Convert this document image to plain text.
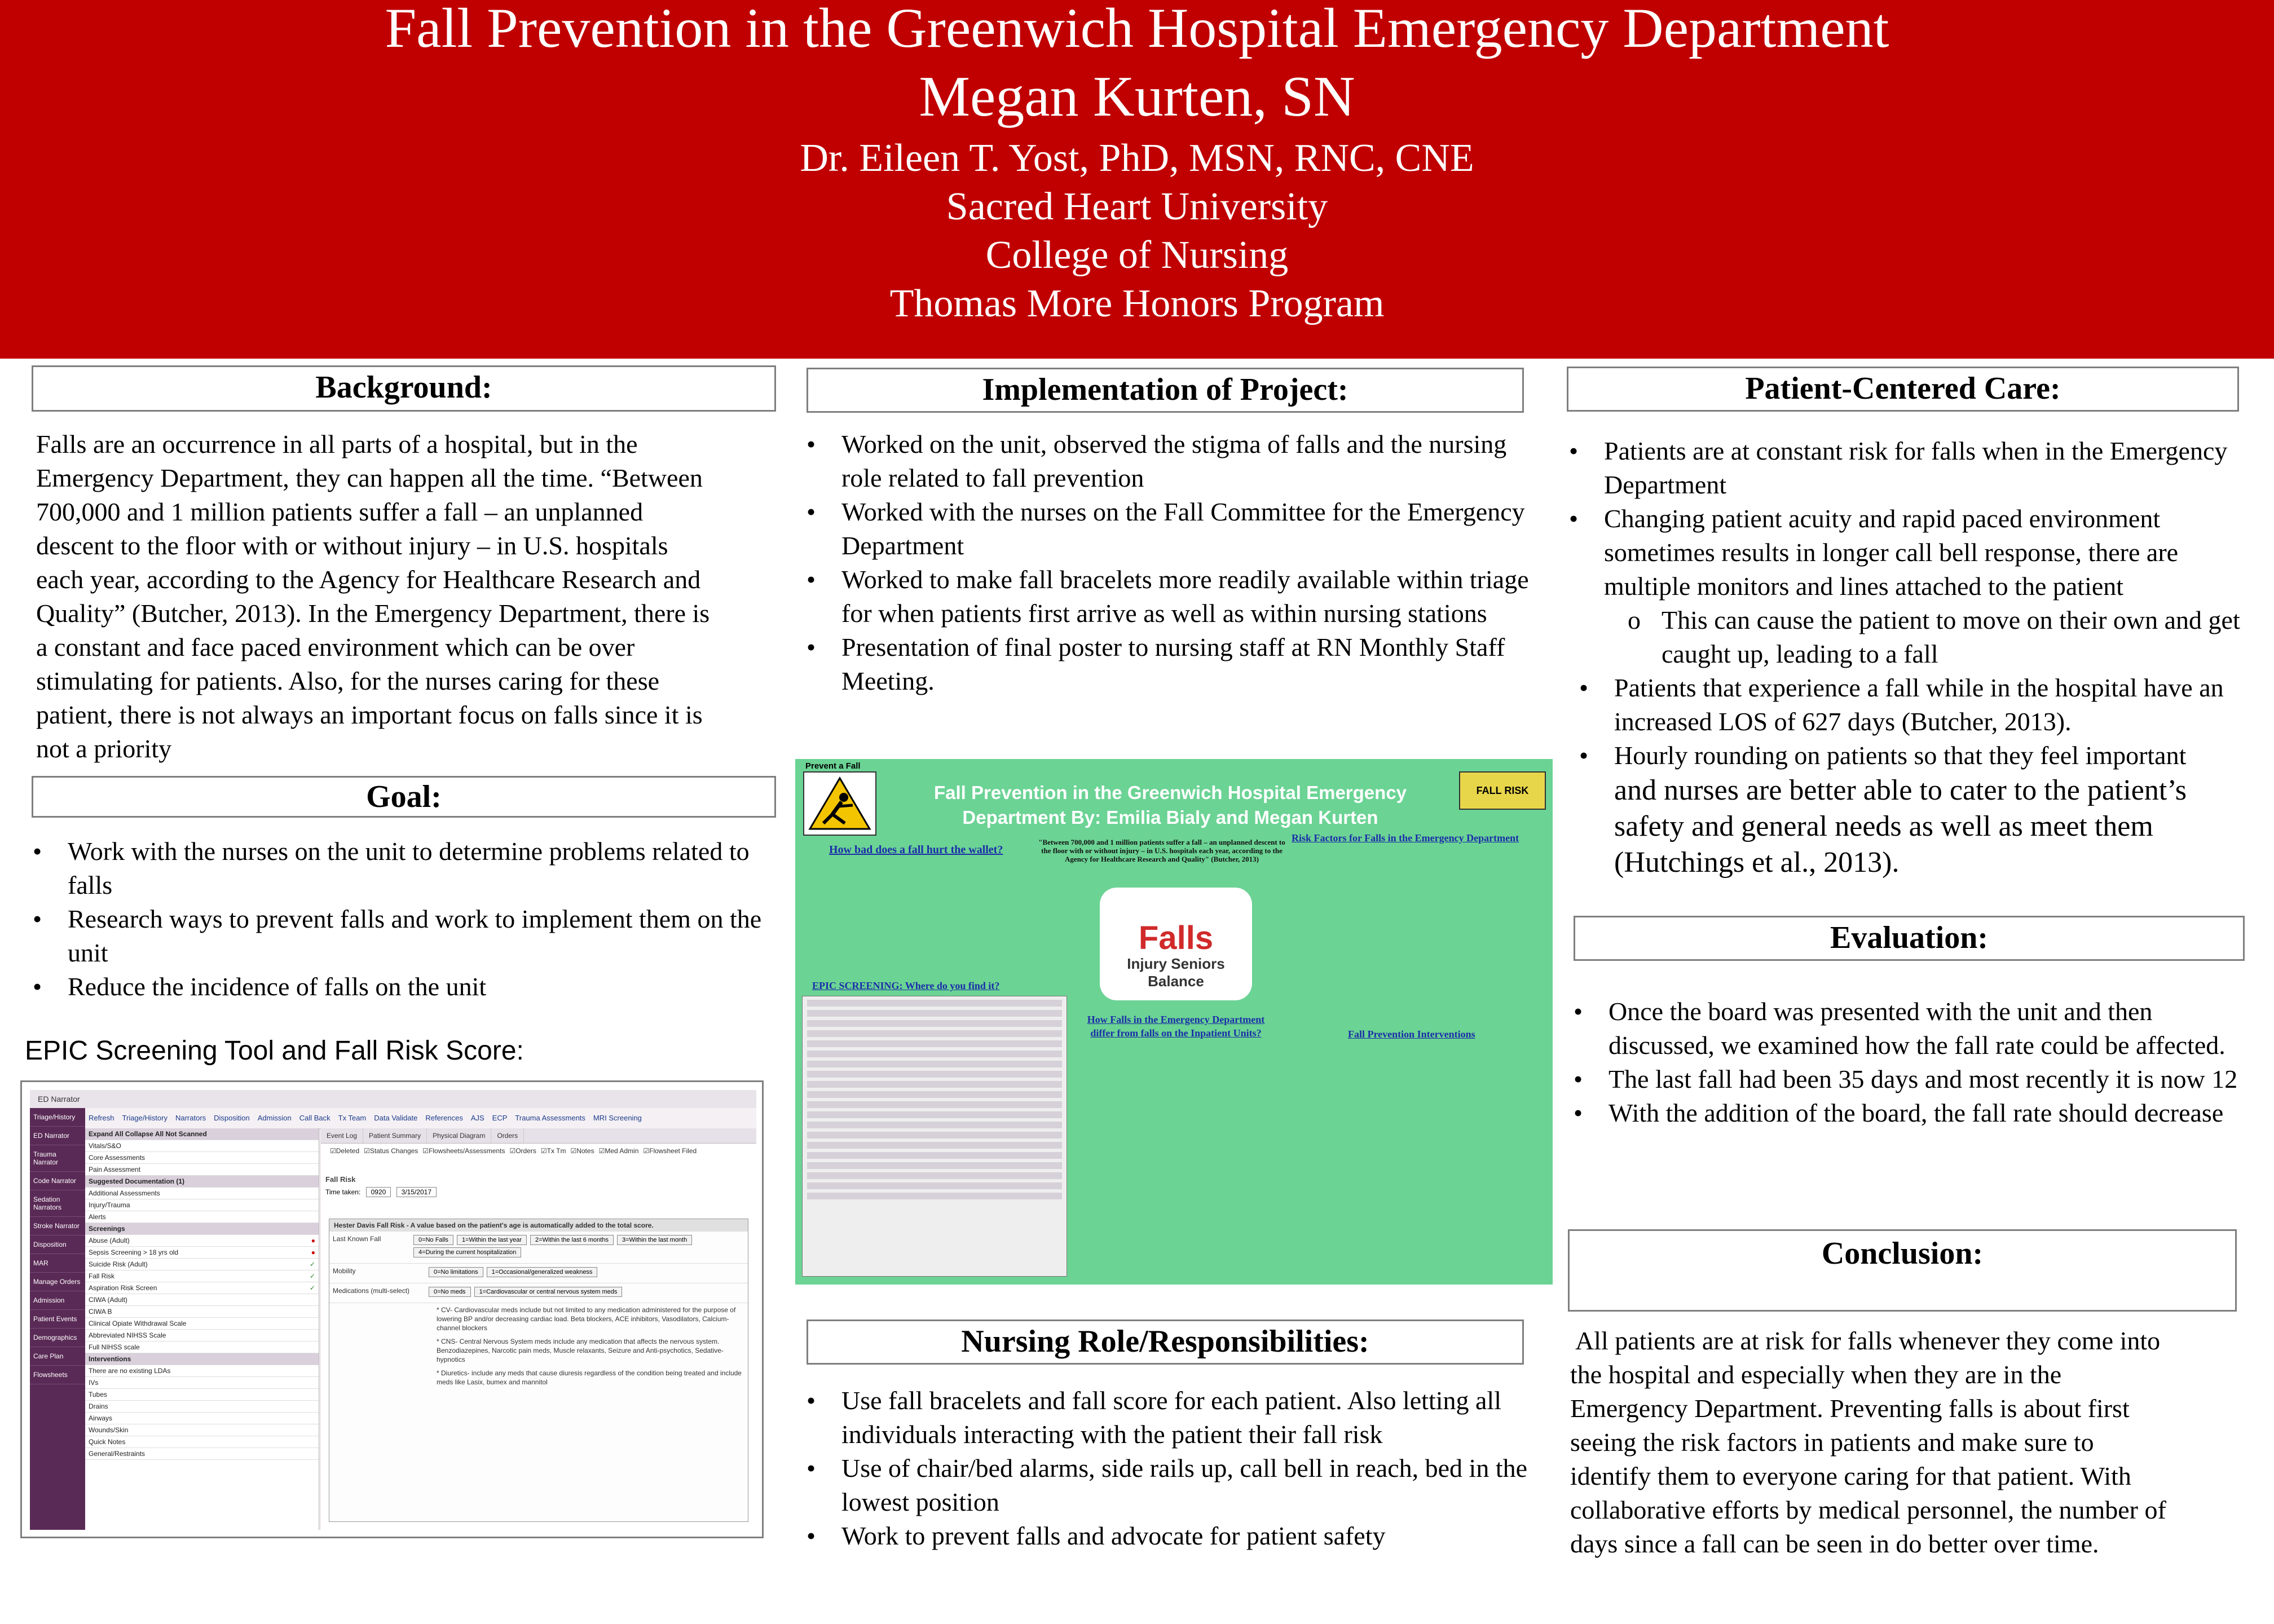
Fall Prevention in the Greenwich Hospital Emergency Department
Megan Kurten, SN
Dr. Eileen T. Yost, PhD, MSN, RNC, CNE
Sacred Heart University
College of Nursing
Thomas More Honors Program
Background:
Falls are an occurrence in all parts of a hospital, but in the
Emergency Department, they can happen all the time. “Between
700,000 and 1 million patients suffer a fall – an unplanned
descent to the floor with or without injury – in U.S. hospitals
each year, according to the Agency for Healthcare Research and
Quality” (Butcher, 2013). In the Emergency Department, there is
a constant and face paced environment which can be over
stimulating for patients. Also, for the nurses caring for these
patient, there is not always an important focus on falls since it is
not a priority
Goal:
• Work with the nurses on the unit to determine problems related to falls
• Research ways to prevent falls and work to implement them on the unit
• Reduce the incidence of falls on the unit
EPIC Screening Tool and Fall Risk Score:
ED Narrator
Triage/History
ED Narrator
Trauma Narrator
Code Narrator
Sedation Narrators
Stroke Narrator
Disposition
MAR
Manage Orders
Admission
Patient Events
Demographics
Care Plan
Flowsheets
Refresh Triage/History Narrators Disposition Admission Call Back Tx Team Data Validate References AJS ECP Trauma Assessments MRI Screening
Expand All Collapse All Not Scanned
Vitals/S&O
Core Assessments
Pain Assessment
Suggested Documentation (1)
Additional Assessments
Injury/Trauma
Alerts
Screenings
Abuse (Adult) ●
Sepsis Screening > 18 yrs old ●
Suicide Risk (Adult) ✓
Fall Risk ✓
Aspiration Risk Screen ✓
CIWA (Adult)
CIWA B
Clinical Opiate Withdrawal Scale
Abbreviated NIHSS Scale
Full NIHSS scale
Interventions
There are no existing LDAs
IVs
Tubes
Drains
Airways
Wounds/Skin
Quick Notes
General/Restraints
Event Log Patient Summary Physical Diagram Orders
☑Deleted ☑Status Changes ☑Flowsheets/Assessments ☑Orders ☑Tx Tm ☑Notes ☑Med Admin ☑Flowsheet Filed
Fall Risk
Time taken: 0920 3/15/2017
Hester Davis Fall Risk - A value based on the patient's age is automatically added to the total score.
Last Known Fall	0=No Falls 1=Within the last year 2=Within the last 6 months 3=Within the last month4=During the current hospitalization
Mobility	0=No limitations 1=Occasional/generalized weakness
Medications (multi-select)	0=No meds 1=Cardiovascular or central nervous system meds
* CV- Cardiovascular meds include but not limited to any medication administered for the purpose of lowering BP and/or decreasing cardiac load. Beta blockers, ACE inhibitors, Vasodilators, Calcium-channel blockers
* CNS- Central Nervous System meds include any medication that affects the nervous system. Benzodiazepines, Narcotic pain meds, Muscle relaxants, Seizure and Anti-psychotics, Sedative-hypnotics
* Diuretics- include any meds that cause diuresis regardless of the condition being treated and include meds like Lasix, bumex and mannitol
Implementation of Project:
• Worked on the unit, observed the stigma of falls and the nursing role related to fall prevention
• Worked with the nurses on the Fall Committee for the Emergency Department
• Worked to make fall bracelets more readily available within triage for when patients first arrive as well as within nursing stations
• Presentation of final poster to nursing staff at RN Monthly Staff Meeting.
Prevent a Fall
Fall Prevention in the Greenwich Hospital Emergency Department By: Emilia Bialy and Megan Kurten
FALL RISK
How bad does a fall hurt the wallet?
"Between 700,000 and 1 million patients suffer a fall – an unplanned descent to the floor with or without injury – in U.S. hospitals each year, according to the Agency for Healthcare Research and Quality" (Butcher, 2013)
Risk Factors for Falls in the Emergency Department
Falls
Injury Seniors Balance
EPIC SCREENING: Where do you find it?
How Falls in the Emergency Department differ from falls on the Inpatient Units?	Fall Prevention Interventions
Nursing Role/Responsibilities:
• Use fall bracelets and fall score for each patient. Also letting all individuals interacting with the patient their fall risk
• Use of chair/bed alarms, side rails up, call bell in reach, bed in the lowest position
• Work to prevent falls and advocate for patient safety
Patient-Centered Care:
• Patients are at constant risk for falls when in the Emergency Department
• Changing patient acuity and rapid paced environment sometimes results in longer call bell response, there are multiple monitors and lines attached to the patient
o This can cause the patient to move on their own and get caught up, leading to a fall
• Patients that experience a fall while in the hospital have an increased LOS of 627 days (Butcher, 2013).
• Hourly rounding on patients so that they feel important
and nurses are better able to cater to the patient’s safety and general needs as well as meet them (Hutchings et al., 2013).
Evaluation:
• Once the board was presented with the unit and then discussed, we examined how the fall rate could be affected.
• The last fall had been 35 days and most recently it is now 12
• With the addition of the board, the fall rate should decrease
Conclusion:
All patients are at risk for falls whenever they come into
the hospital and especially when they are in the
Emergency Department. Preventing falls is about first
seeing the risk factors in patients and make sure to
identify them to everyone caring for that patient. With
collaborative efforts by medical personnel, the number of
days since a fall can be seen in do better over time.
